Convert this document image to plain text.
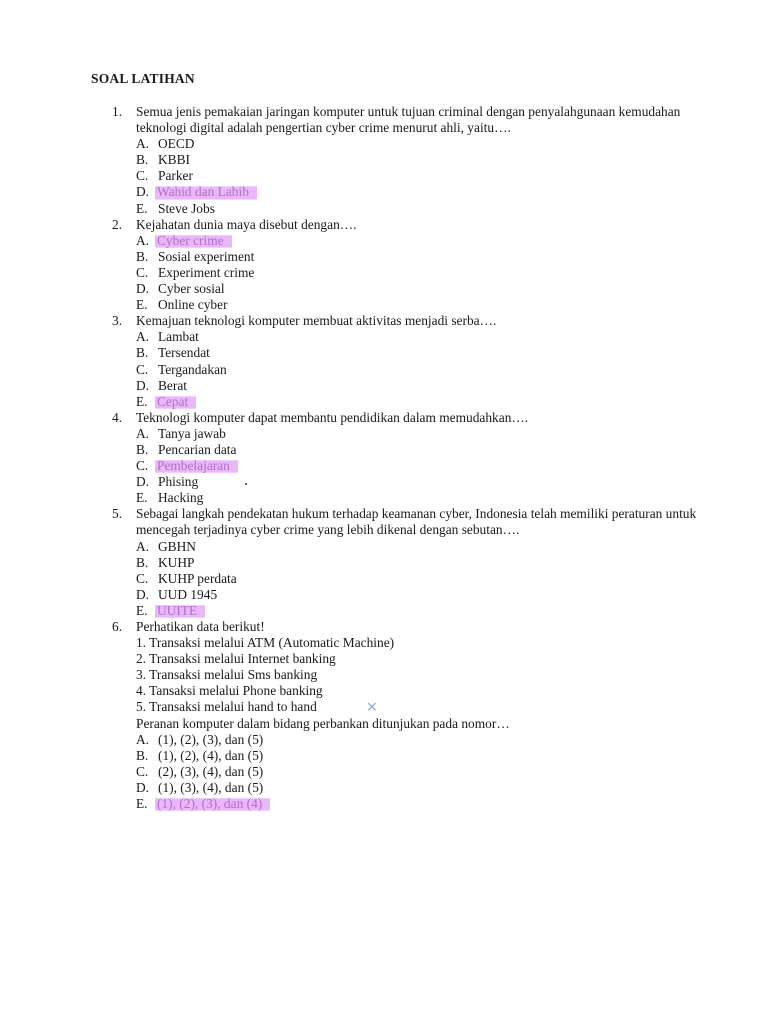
SOAL LATIHAN
1. Semua jenis pemakaian jaringan komputer untuk tujuan criminal dengan penyalahgunaan kemudahan teknologi digital adalah pengertian cyber crime menurut ahli, yaitu….
A. OECD
B. KBBI
C. Parker
D. Wahid dan Labib
E. Steve Jobs
2. Kejahatan dunia maya disebut dengan….
A. Cyber crime
B. Sosial experiment
C. Experiment crime
D. Cyber sosial
E. Online cyber
3. Kemajuan teknologi komputer membuat aktivitas menjadi serba….
A. Lambat
B. Tersendat
C. Tergandakan
D. Berat
E. Cepat
4. Teknologi komputer dapat membantu pendidikan dalam memudahkan….
A. Tanya jawab
B. Pencarian data
C. Pembelajaran
D. Phising
E. Hacking
5. Sebagai langkah pendekatan hukum terhadap keamanan cyber, Indonesia telah memiliki peraturan untuk mencegah terjadinya cyber crime yang lebih dikenal dengan sebutan….
A. GBHN
B. KUHP
C. KUHP perdata
D. UUD 1945
E. UUITE
6. Perhatikan data berikut!
1. Transaksi melalui ATM (Automatic Machine)
2. Transaksi melalui Internet banking
3. Transaksi melalui Sms banking
4. Tansaksi melalui Phone banking
5. Transaksi melalui hand to hand
Peranan komputer dalam bidang perbankan ditunjukan pada nomor…
A. (1), (2), (3), dan (5)
B. (1), (2), (4), dan (5)
C. (2), (3), (4), dan (5)
D. (1), (3), (4), dan (5)
E. (1), (2), (3), dan (4)
⨯
